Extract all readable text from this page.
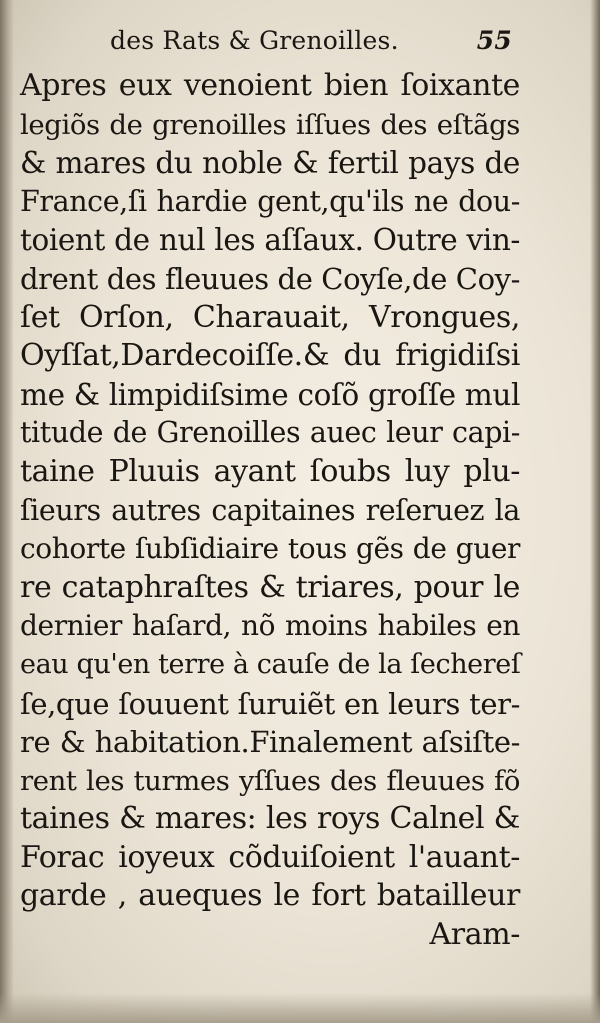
des Rats & Grenoilles.	55
Apres eux venoient bien ſoixante
legiõs de grenoilles iſſues des eſtãgs
& mares du noble & fertil pays de
France,ſi hardie gent,qu'ils ne dou-
toient de nul les aſſaux. Outre vin-
drent des fleuues de Coyſe,de Coy-
ſet Orſon, Charauait, Vrongues,
Oyſſat,Dardecoiſſe.& du frigidiſsi
me & limpidiſsime coſõ groſſe mul
titude de Grenoilles auec leur capi-
taine Pluuis ayant ſoubs luy plu-
ſieurs autres capitaines reſeruez la
cohorte ſubſidiaire tous gẽs de guer
re cataphraſtes & triares, pour le
dernier haſard, nõ moins habiles en
eau qu'en terre à cauſe de la ſechereſ
ſe,que ſouuent ſuruiẽt en leurs ter-
re & habitation.Finalement aſsiſte-
rent les turmes yſſues des fleuues fõ
taines & mares: les roys Calnel &
Forac ioyeux cõduiſoient l'auant-
garde , aueques le fort batailleur
Aram-
